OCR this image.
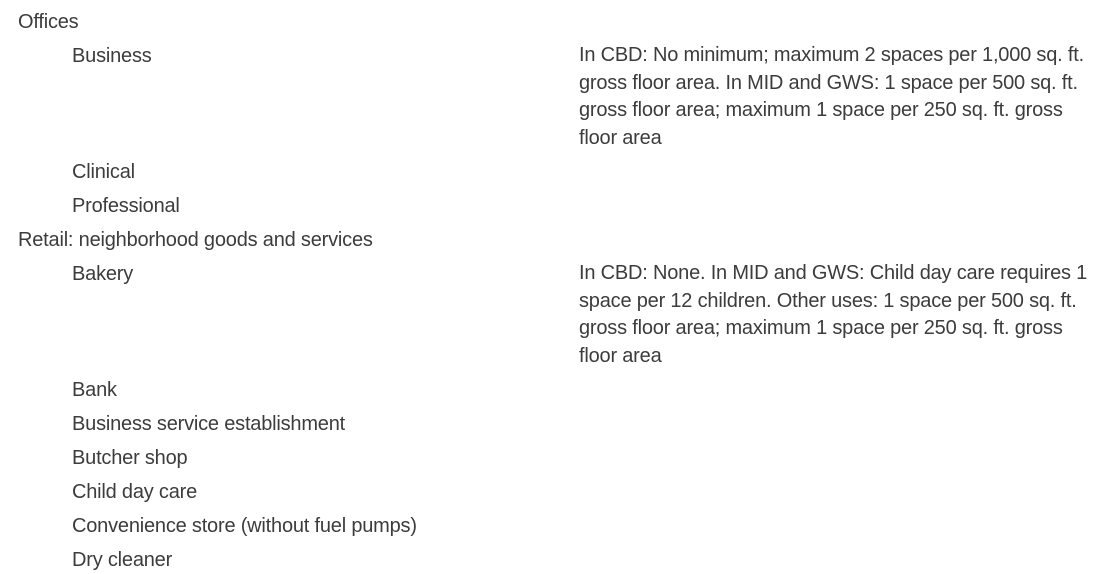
Offices
Business	In CBD: No minimum; maximum 2 spaces per 1,000 sq. ft. gross floor area. In MID and GWS: 1 space per 500 sq. ft. gross floor area; maximum 1 space per 250 sq. ft. gross floor area
Clinical
Professional
Retail: neighborhood goods and services
Bakery	In CBD: None. In MID and GWS: Child day care requires 1 space per 12 children. Other uses: 1 space per 500 sq. ft. gross floor area; maximum 1 space per 250 sq. ft. gross floor area
Bank
Business service establishment
Butcher shop
Child day care
Convenience store (without fuel pumps)
Dry cleaner
